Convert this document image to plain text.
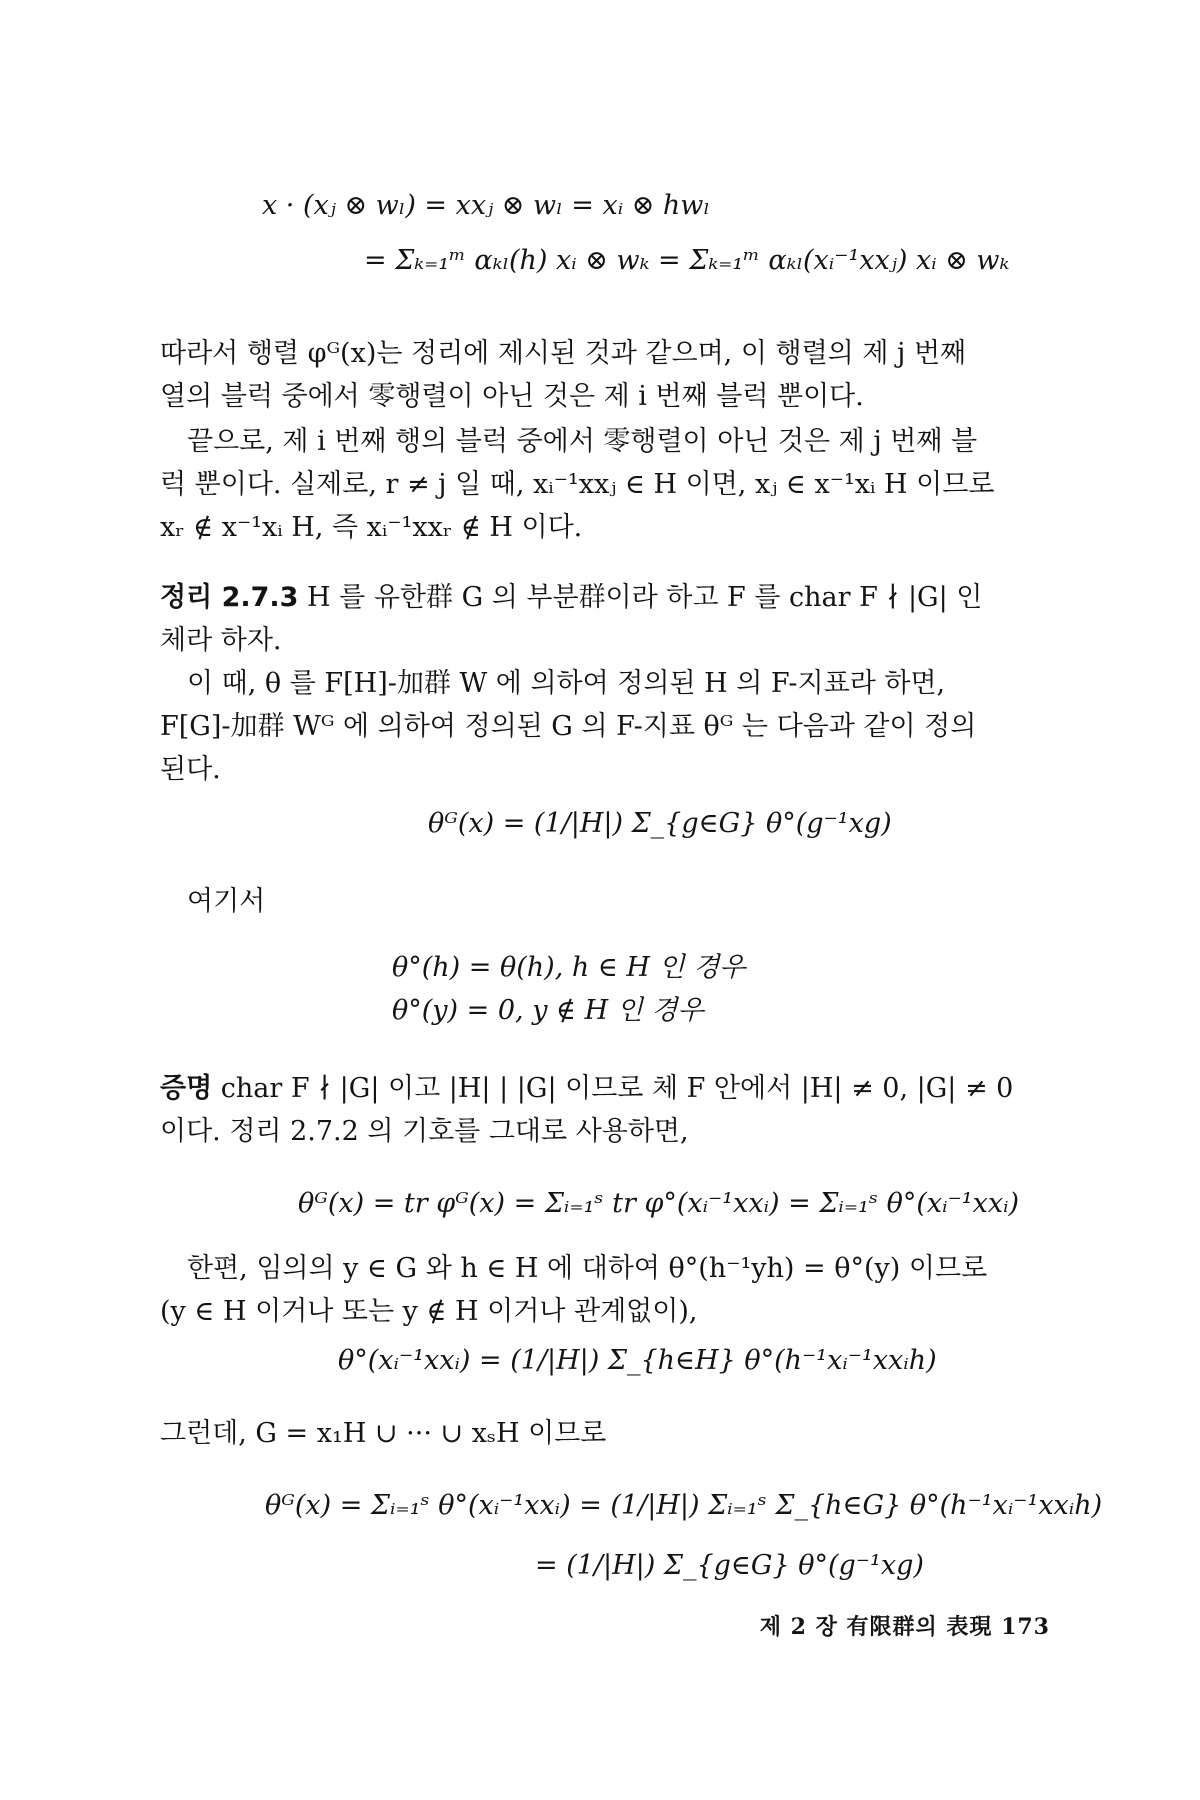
x · (xⱼ ⊗ wₗ) = xxⱼ ⊗ wₗ = xᵢ ⊗ hwₗ
= Σₖ₌₁ᵐ αₖₗ(h) xᵢ ⊗ wₖ = Σₖ₌₁ᵐ αₖₗ(xᵢ⁻¹xxⱼ) xᵢ ⊗ wₖ

따라서 행렬 φᴳ(x)는 정리에 제시된 것과 같으며, 이 행렬의 제 j 번째

열의 블럭 중에서 零행렬이 아닌 것은 제 i 번째 블럭 뿐이다.

끝으로, 제 i 번째 행의 블럭 중에서 零행렬이 아닌 것은 제 j 번째 블

럭 뿐이다. 실제로, r ≠ j 일 때, xᵢ⁻¹xxⱼ ∈ H 이면, xⱼ ∈ x⁻¹xᵢ H 이므로

xᵣ ∉ x⁻¹xᵢ H, 즉 xᵢ⁻¹xxᵣ ∉ H 이다.

정리 2.7.3 H 를 유한群 G 의 부분群이라 하고 F 를 char F ∤ |G| 인

체라 하자.

이 때, θ 를 F[H]-加群 W 에 의하여 정의된 H 의 F-지표라 하면,

F[G]-加群 Wᴳ 에 의하여 정의된 G 의 F-지표 θᴳ 는 다음과 같이 정의

된다.

θᴳ(x) = (1/|H|) Σ_{g∈G} θ°(g⁻¹xg)

여기서

θ°(h) = θ(h), h ∈ H 인 경우
θ°(y) = 0, y ∉ H 인 경우

증명 char F ∤ |G| 이고 |H| | |G| 이므로 체 F 안에서 |H| ≠ 0, |G| ≠ 0

이다. 정리 2.7.2 의 기호를 그대로 사용하면,

θᴳ(x) = tr φᴳ(x) = Σᵢ₌₁ˢ tr φ°(xᵢ⁻¹xxᵢ) = Σᵢ₌₁ˢ θ°(xᵢ⁻¹xxᵢ)

한편, 임의의 y ∈ G 와 h ∈ H 에 대하여 θ°(h⁻¹yh) = θ°(y) 이므로

(y ∈ H 이거나 또는 y ∉ H 이거나 관계없이),

θ°(xᵢ⁻¹xxᵢ) = (1/|H|) Σ_{h∈H} θ°(h⁻¹xᵢ⁻¹xxᵢh)

그런데, G = x₁H ∪ ··· ∪ xₛH 이므로

θᴳ(x) = Σᵢ₌₁ˢ θ°(xᵢ⁻¹xxᵢ) = (1/|H|) Σᵢ₌₁ˢ Σ_{h∈G} θ°(h⁻¹xᵢ⁻¹xxᵢh)
= (1/|H|) Σ_{g∈G} θ°(g⁻¹xg)
제 2 장 有限群의 表現 173
